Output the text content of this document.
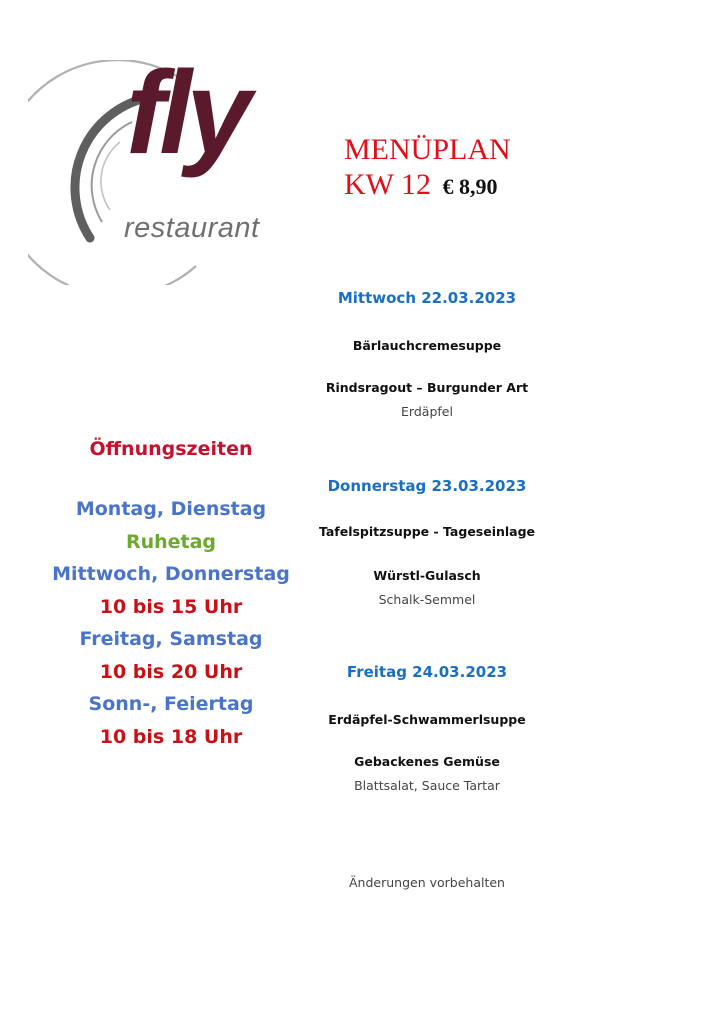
fly
restaurant
MENÜPLAN
KW 12 € 8,90
Öffnungszeiten
Montag, Dienstag
Ruhetag
Mittwoch, Donnerstag
10 bis 15 Uhr
Freitag, Samstag
10 bis 20 Uhr
Sonn-, Feiertag
10 bis 18 Uhr
Mittwoch 22.03.2023
Bärlauchcremesuppe
Rindsragout – Burgunder Art
Erdäpfel
Donnerstag 23.03.2023
Tafelspitzsuppe - Tageseinlage
Würstl-Gulasch
Schalk-Semmel
Freitag 24.03.2023
Erdäpfel-Schwammerlsuppe
Gebackenes Gemüse
Blattsalat, Sauce Tartar
Änderungen vorbehalten
